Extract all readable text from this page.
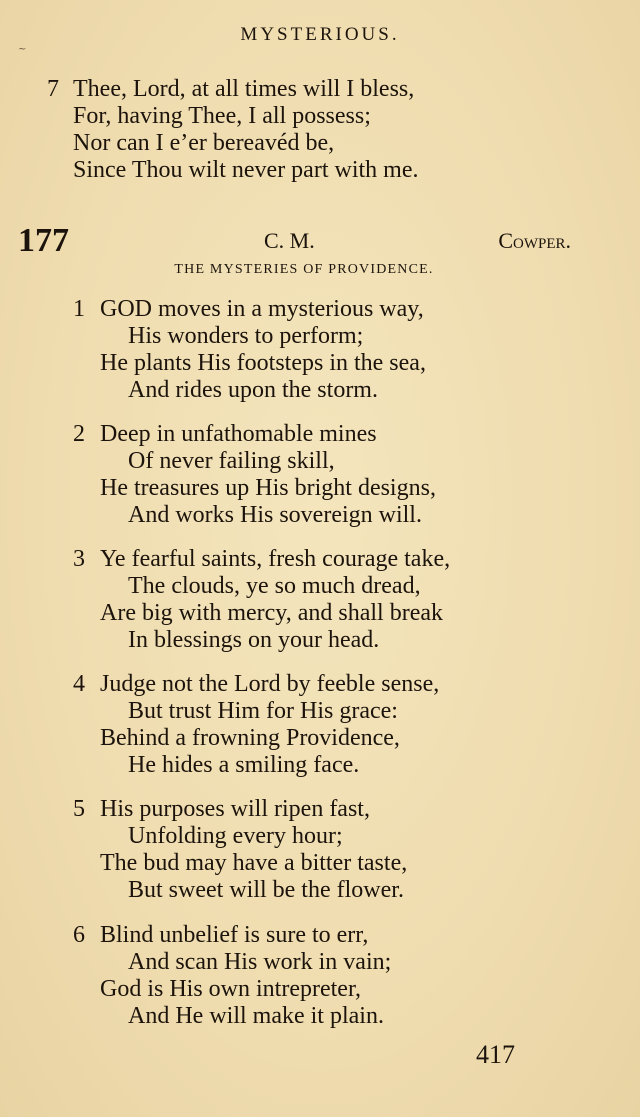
MYSTERIOUS.
~
7 Thee, Lord, at all times will I bless,
For, having Thee, I all possess;
Nor can I e’er bereavéd be,
Since Thou wilt never part with me.
177	C. M.	Cowper.
THE MYSTERIES OF PROVIDENCE.
1 GOD moves in a mysterious way,
His wonders to perform;
He plants His footsteps in the sea,
And rides upon the storm.
2 Deep in unfathomable mines
Of never failing skill,
He treasures up His bright designs,
And works His sovereign will.
3 Ye fearful saints, fresh courage take,
The clouds, ye so much dread,
Are big with mercy, and shall break
In blessings on your head.
4 Judge not the Lord by feeble sense,
But trust Him for His grace:
Behind a frowning Providence,
He hides a smiling face.
5 His purposes will ripen fast,
Unfolding every hour;
The bud may have a bitter taste,
But sweet will be the flower.
6 Blind unbelief is sure to err,
And scan His work in vain;
God is His own intrepreter,
And He will make it plain.
417
